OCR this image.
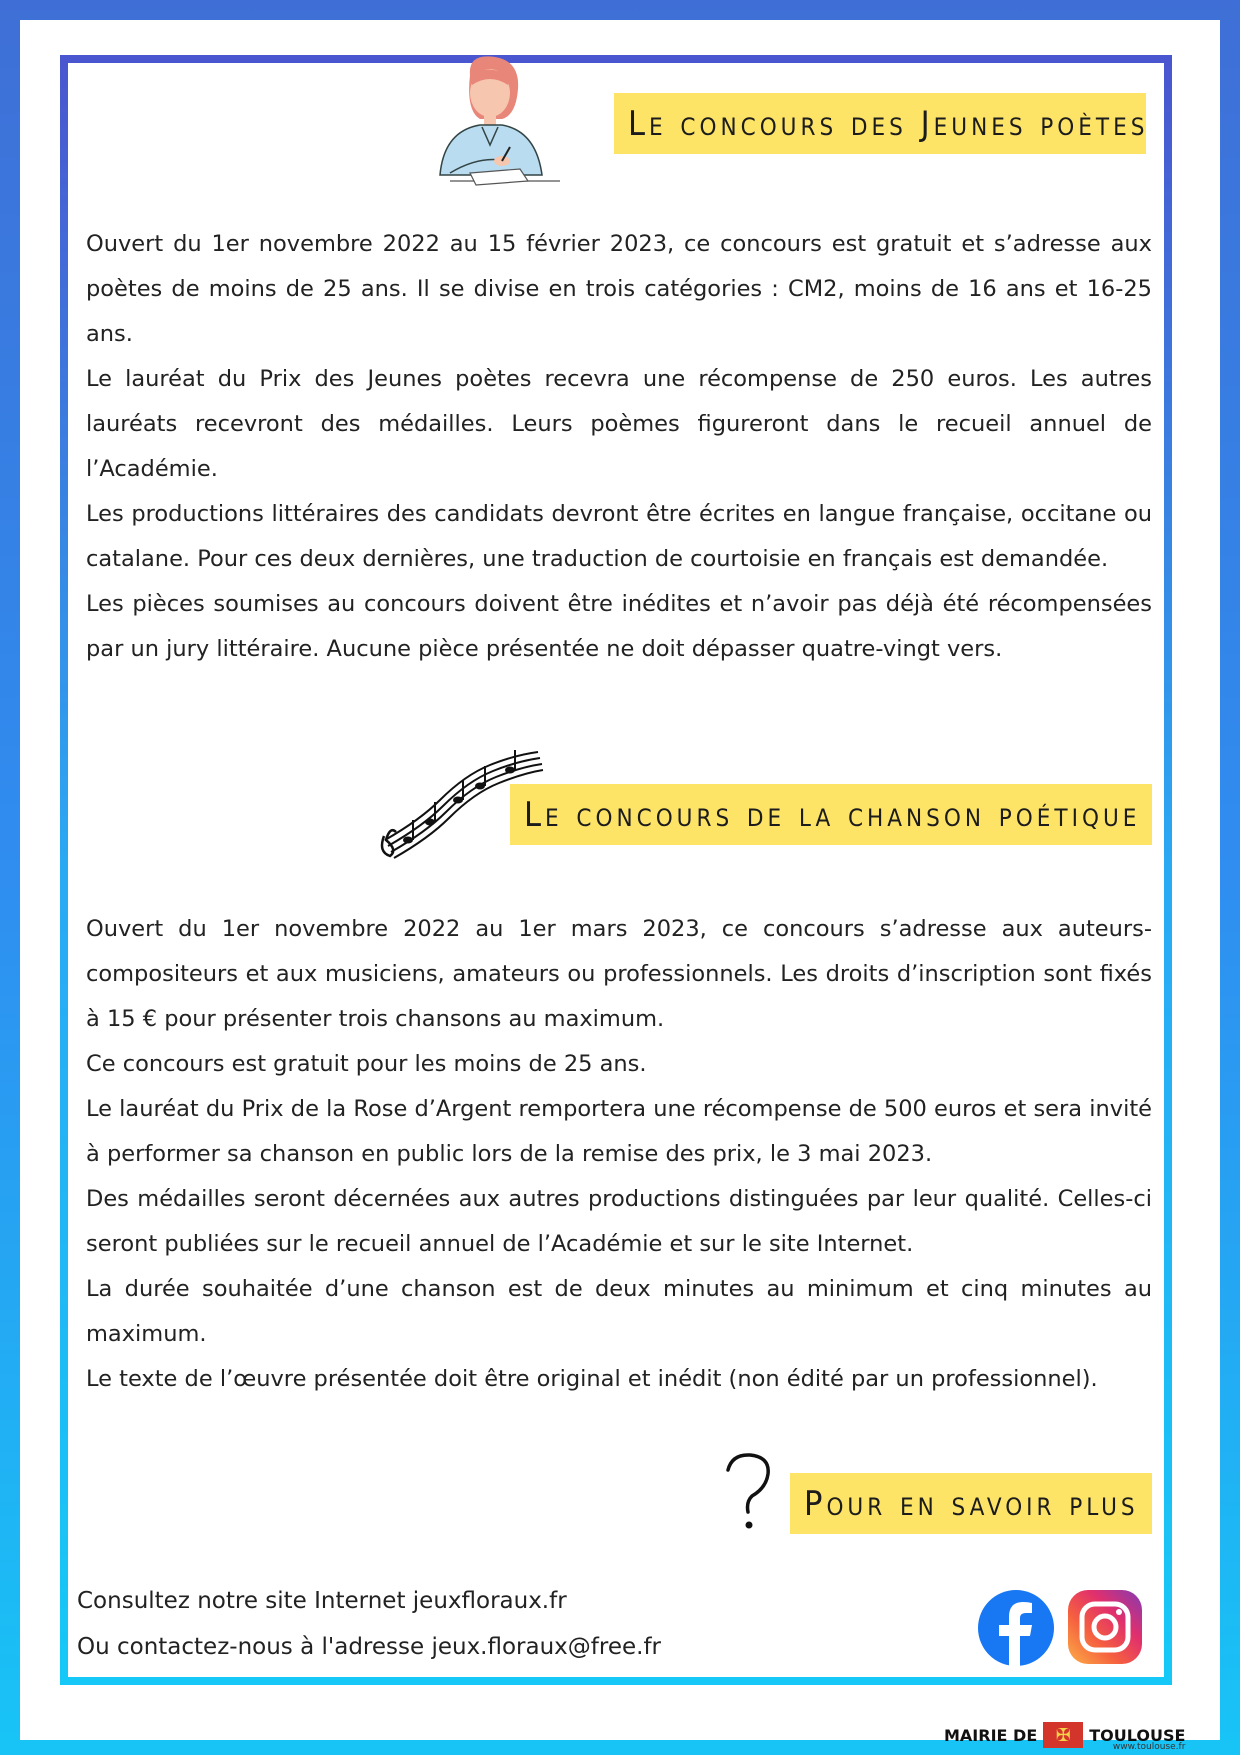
Le concours des Jeunes poètes

Ouvert du 1er novembre 2022 au 15 février 2023, ce concours est gratuit et s’adresse aux poètes de moins de 25 ans. Il se divise en trois catégories : CM2, moins de 16 ans et 16-25 ans.

Le lauréat du Prix des Jeunes poètes recevra une récompense de 250 euros. Les autres lauréats recevront des médailles. Leurs poèmes figureront dans le recueil annuel de l’Académie.

Les productions littéraires des candidats devront être écrites en langue française, occitane ou catalane. Pour ces deux dernières, une traduction de courtoisie en français est demandée.

Les pièces soumises au concours doivent être inédites et n’avoir pas déjà été récompensées par un jury littéraire. Aucune pièce présentée ne doit dépasser quatre-vingt vers.

Le concours de la chanson poétique

Ouvert du 1er novembre 2022 au 1er mars 2023, ce concours s’adresse aux auteurs-compositeurs et aux musiciens, amateurs ou professionnels. Les droits d’inscription sont fixés à 15 € pour présenter trois chansons au maximum.

Ce concours est gratuit pour les moins de 25 ans.

Le lauréat du Prix de la Rose d’Argent remportera une récompense de 500 euros et sera invité à performer sa chanson en public lors de la remise des prix, le 3 mai 2023.

Des médailles seront décernées aux autres productions distinguées par leur qualité. Celles-ci seront publiées sur le recueil annuel de l’Académie et sur le site Internet.

La durée souhaitée d’une chanson est de deux minutes au minimum et cinq minutes au maximum.

Le texte de l’œuvre présentée doit être original et inédit (non édité par un professionnel).

Pour en savoir plus
Consultez notre site Internet jeuxfloraux.fr
Ou contactez-nous à l'adresse jeux.floraux@free.fr
MAIRIE DE	✠	TOULOUSE
www.toulouse.fr
